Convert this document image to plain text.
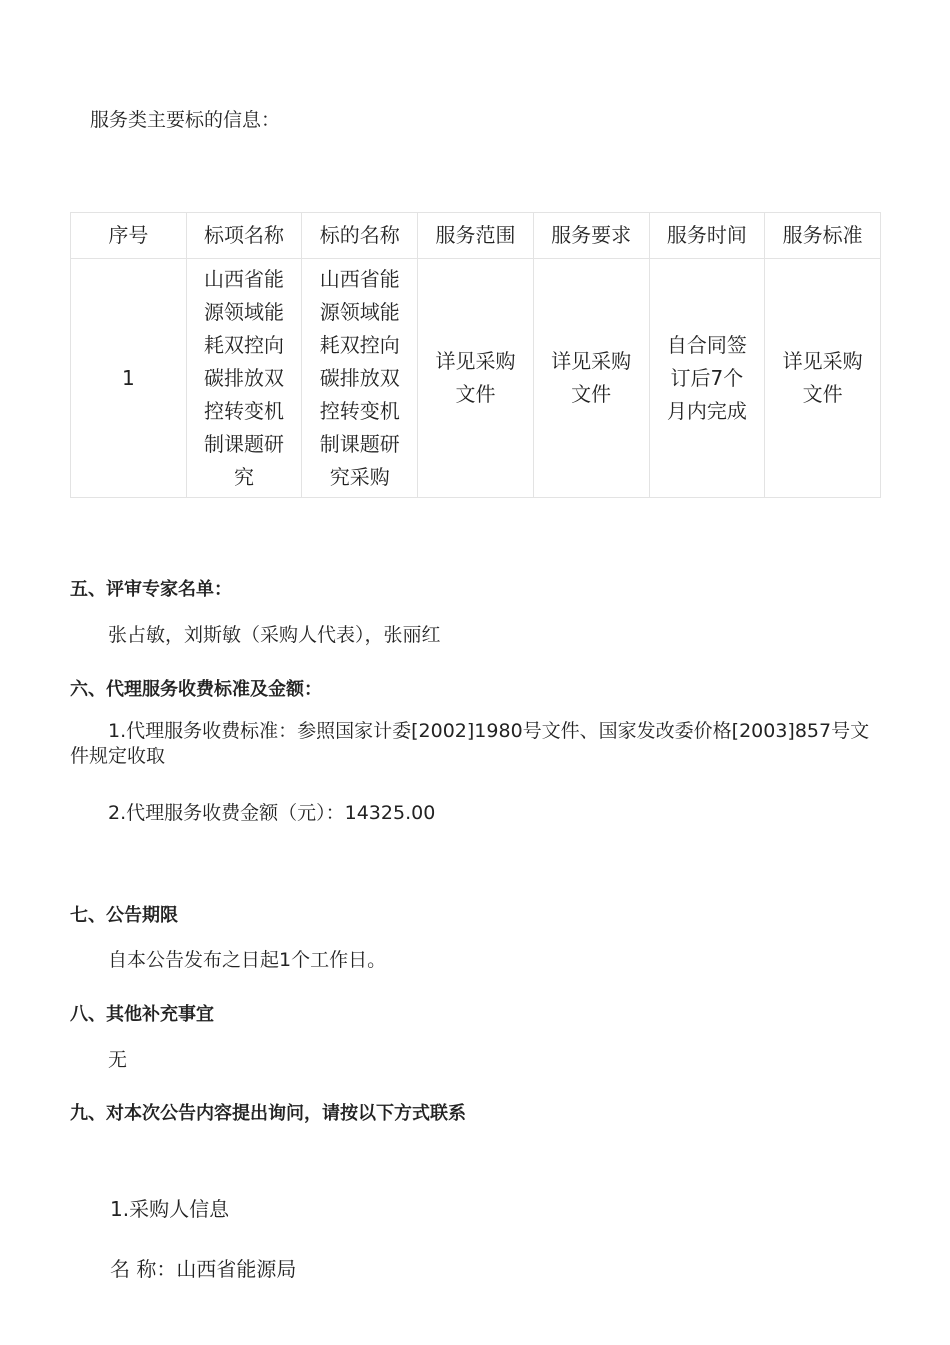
服务类主要标的信息：
序号	标项名称	标的名称	服务范围	服务要求	服务时间	服务标准
1	山西省能源领域能耗双控向碳排放双控转变机制课题研究	山西省能源领域能耗双控向碳排放双控转变机制课题研究采购	详见采购文件	详见采购文件	自合同签订后7个月内完成	详见采购文件
五、评审专家名单：
张占敏，刘斯敏（采购人代表），张丽红
六、代理服务收费标准及金额：
1.代理服务收费标准：参照国家计委[2002]1980号文件、国家发改委价格[2003]857号文件规定收取
2.代理服务收费金额（元）：14325.00
七、公告期限
自本公告发布之日起1个工作日。
八、其他补充事宜
无
九、对本次公告内容提出询问，请按以下方式联系
1.采购人信息
名 称：山西省能源局
